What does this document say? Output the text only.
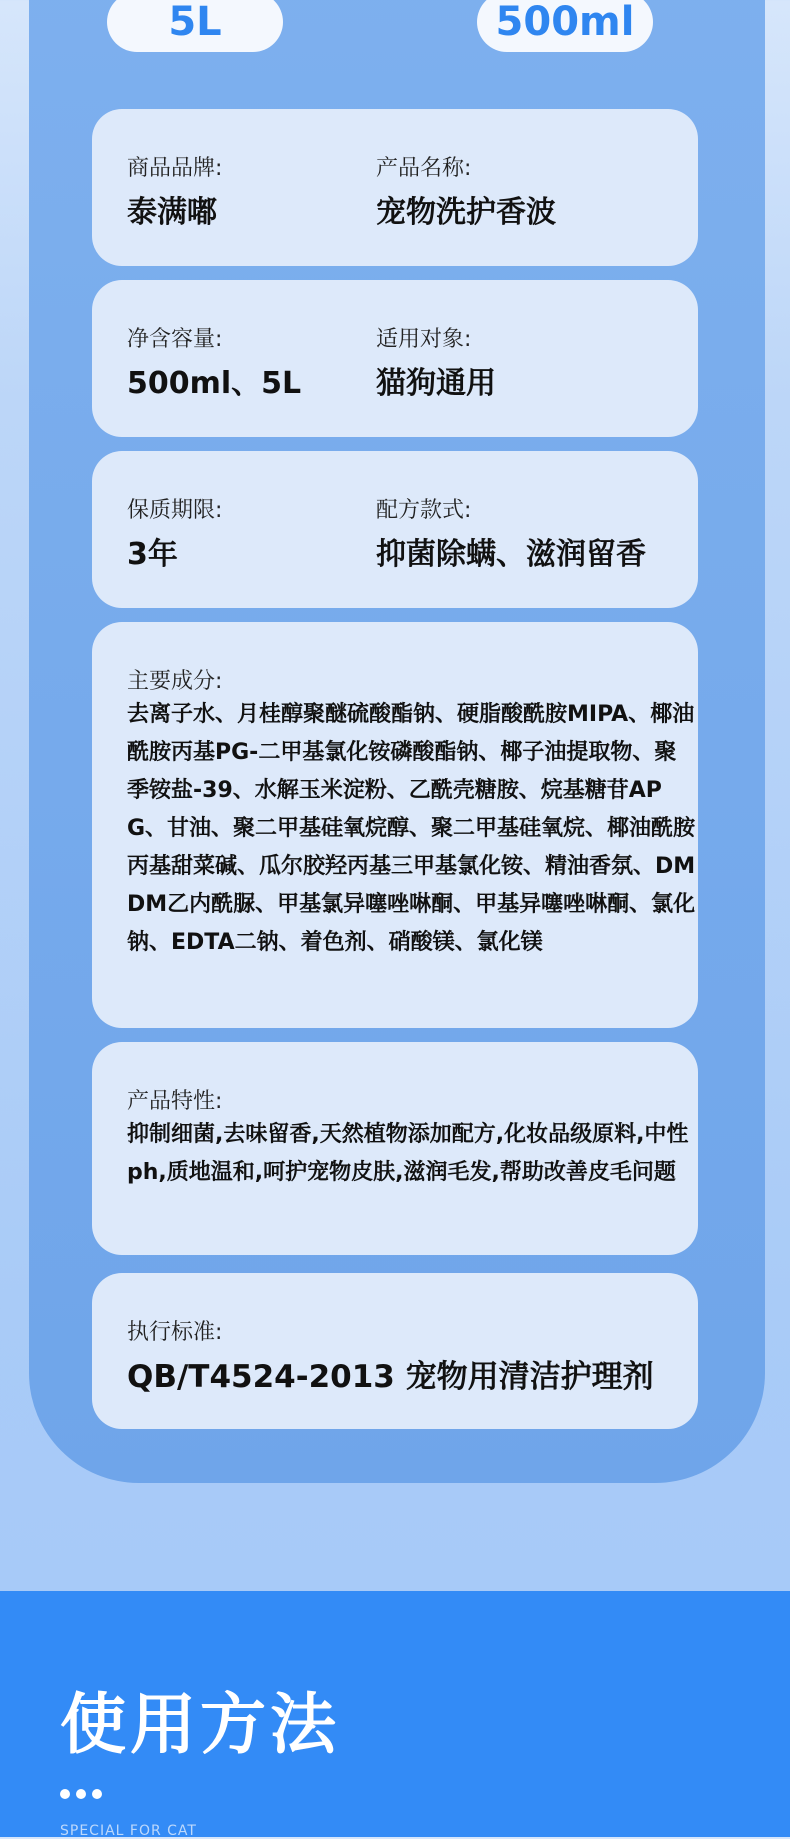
5L	500ml
商品品牌:
泰满嘟
产品名称:
宠物洗护香波
净含容量:
500ml、5L
适用对象:
猫狗通用
保质期限:
3年
配方款式:
抑菌除螨、滋润留香
主要成分:
去离子水、月桂醇聚醚硫酸酯钠、硬脂酸酰胺MIPA、椰油酰胺丙基PG-二甲基氯化铵磷酸酯钠、椰子油提取物、聚季铵盐-39、水解玉米淀粉、乙酰壳糖胺、烷基糖苷APG、甘油、聚二甲基硅氧烷醇、聚二甲基硅氧烷、椰油酰胺丙基甜菜碱、瓜尔胶羟丙基三甲基氯化铵、精油香氛、DMDM乙内酰脲、甲基氯异噻唑啉酮、甲基异噻唑啉酮、氯化钠、EDTA二钠、着色剂、硝酸镁、氯化镁
产品特性:
抑制细菌,去味留香,天然植物添加配方,化妆品级原料,中性ph,质地温和,呵护宠物皮肤,滋润毛发,帮助改善皮毛问题
执行标准:
QB/T4524-2013 宠物用清洁护理剂
使用方法
SPECIAL FOR CAT
